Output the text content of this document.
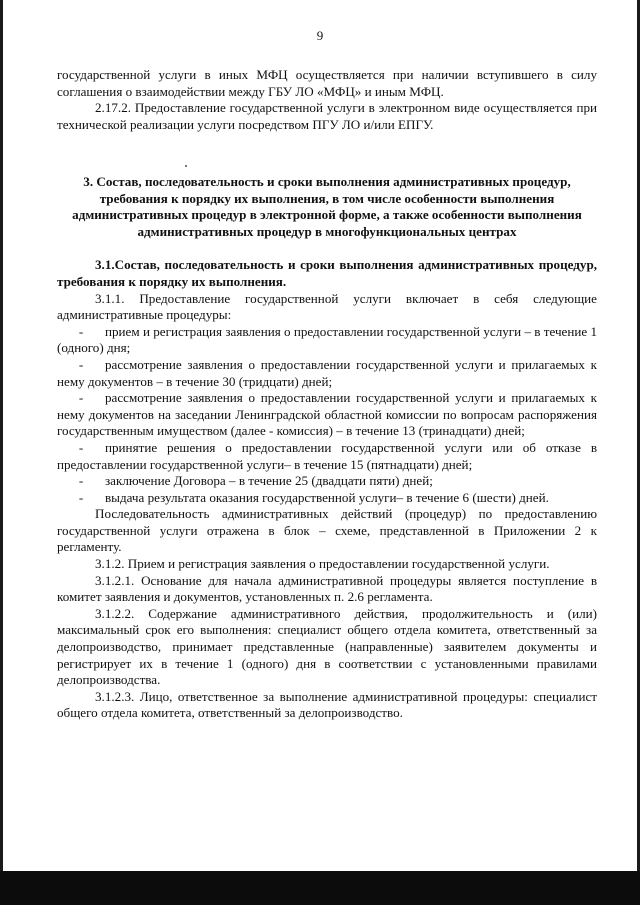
9

государственной услуги в иных МФЦ осуществляется при наличии вступившего в силу соглашения о взаимодействии между ГБУ ЛО «МФЦ» и иным МФЦ.

2.17.2. Предоставление государственной услуги в электронном виде осуществляется при технической реализации услуги посредством ПГУ ЛО и/или ЕПГУ.

3. Состав, последовательность и сроки выполнения административных процедур, требования к порядку их выполнения, в том числе особенности выполнения административных процедур в электронной форме, а также особенности выполнения административных процедур в многофункциональных центрах

3.1.Состав, последовательность и сроки выполнения административных процедур, требования к порядку их выполнения.

3.1.1. Предоставление государственной услуги включает в себя следующие административные процедуры:

- прием и регистрация заявления о предоставлении государственной услуги – в течение 1 (одного) дня;

- рассмотрение заявления о предоставлении государственной услуги и прилагаемых к нему документов – в течение 30 (тридцати) дней;

- рассмотрение заявления о предоставлении государственной услуги и прилагаемых к нему документов на заседании Ленинградской областной комиссии по вопросам распоряжения государственным имуществом (далее - комиссия) – в течение 13 (тринадцати) дней;

- принятие решения о предоставлении государственной услуги или об отказе в предоставлении государственной услуги– в течение 15 (пятнадцати) дней;

- заключение Договора – в течение 25 (двадцати пяти) дней;

- выдача результата оказания государственной услуги– в течение 6 (шести) дней.

Последовательность административных действий (процедур) по предоставлению государственной услуги отражена в блок – схеме, представленной в Приложении 2 к регламенту.

3.1.2. Прием и регистрация заявления о предоставлении государственной услуги.

3.1.2.1. Основание для начала административной процедуры является поступление в комитет заявления и документов, установленных п. 2.6 регламента.

3.1.2.2. Содержание административного действия, продолжительность и (или) максимальный срок его выполнения: специалист общего отдела комитета, ответственный за делопроизводство, принимает представленные (направленные) заявителем документы и регистрирует их в течение 1 (одного) дня в соответствии с установленными правилами делопроизводства.

3.1.2.3. Лицо, ответственное за выполнение административной процедуры: специалист общего отдела комитета, ответственный за делопроизводство.
